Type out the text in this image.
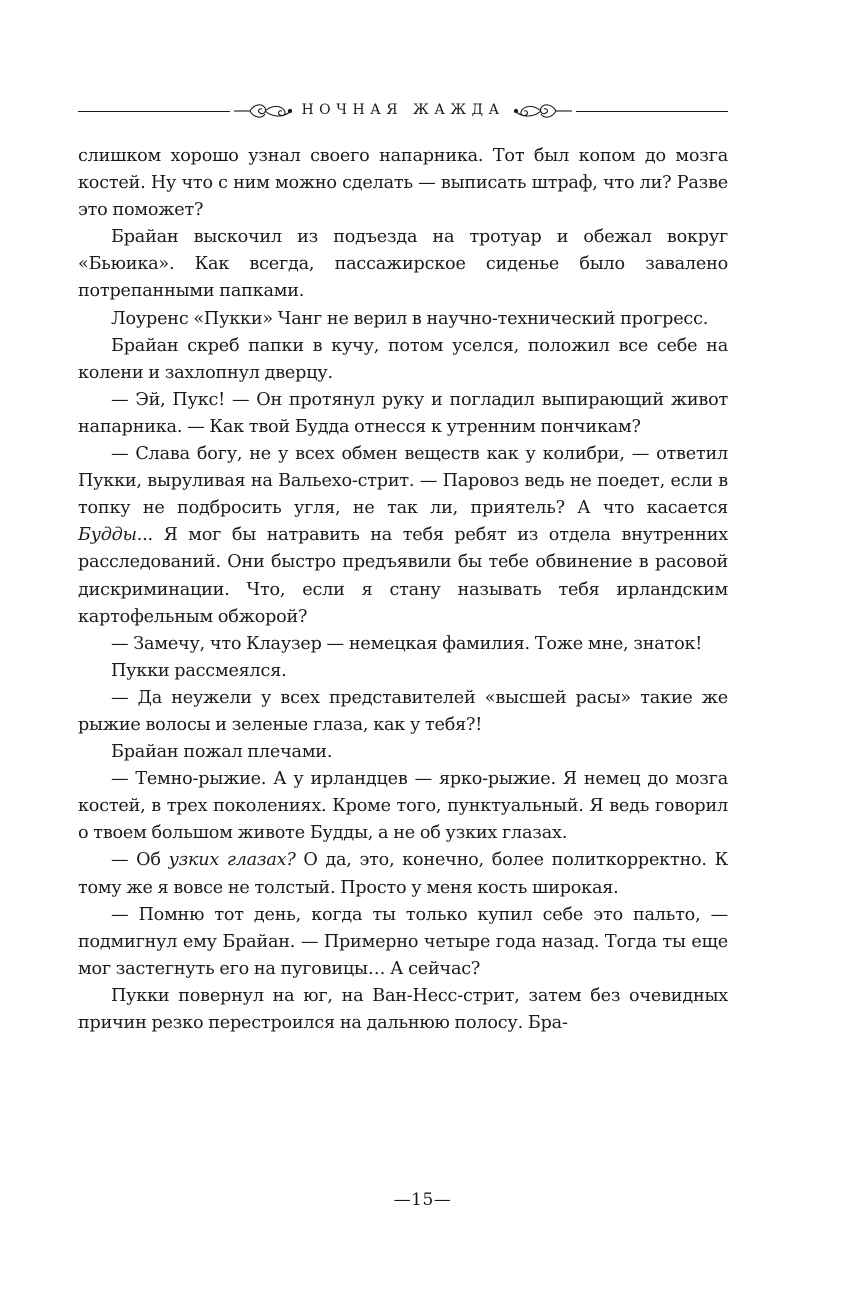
НОЧНАЯ ЖАЖДА

слишком хорошо узнал своего напарника. Тот был копом до мозга костей. Ну что с ним можно сделать — выписать штраф, что ли? Разве это поможет?

Брайан выскочил из подъезда на тротуар и обежал вокруг «Бьюика». Как всегда, пассажирское сиденье было завалено потрепанными папками.

Лоуренс «Пукки» Чанг не верил в научно-технический прогресс.

Брайан скреб папки в кучу, потом уселся, положил все себе на колени и захлопнул дверцу.

— Эй, Пукс! — Он протянул руку и погладил выпирающий живот напарника. — Как твой Будда отнесся к утренним пончикам?

— Слава богу, не у всех обмен веществ как у колибри, — ответил Пукки, выруливая на Вальехо-стрит. — Паровоз ведь не поедет, если в топку не подбросить угля, не так ли, приятель? А что касается Будды... Я мог бы натравить на тебя ребят из отдела внутренних расследований. Они быстро предъявили бы тебе обвинение в расовой дискриминации. Что, если я стану называть тебя ирландским картофельным обжорой?

— Замечу, что Клаузер — немецкая фамилия. Тоже мне, знаток!

Пукки рассмеялся.

— Да неужели у всех представителей «высшей расы» такие же рыжие волосы и зеленые глаза, как у тебя?!

Брайан пожал плечами.

— Темно-рыжие. А у ирландцев — ярко-рыжие. Я немец до мозга костей, в трех поколениях. Кроме того, пунктуальный. Я ведь говорил о твоем большом животе Будды, а не об узких глазах.

— Об узких глазах? О да, это, конечно, более политкорректно. К тому же я вовсе не толстый. Просто у меня кость широкая.

— Помню тот день, когда ты только купил себе это пальто, — подмигнул ему Брайан. — Примерно четыре года назад. Тогда ты еще мог застегнуть его на пуговицы… А сейчас?

Пукки повернул на юг, на Ван-Несс-стрит, затем без очевидных причин резко перестроился на дальнюю полосу. Бра-

—15—
